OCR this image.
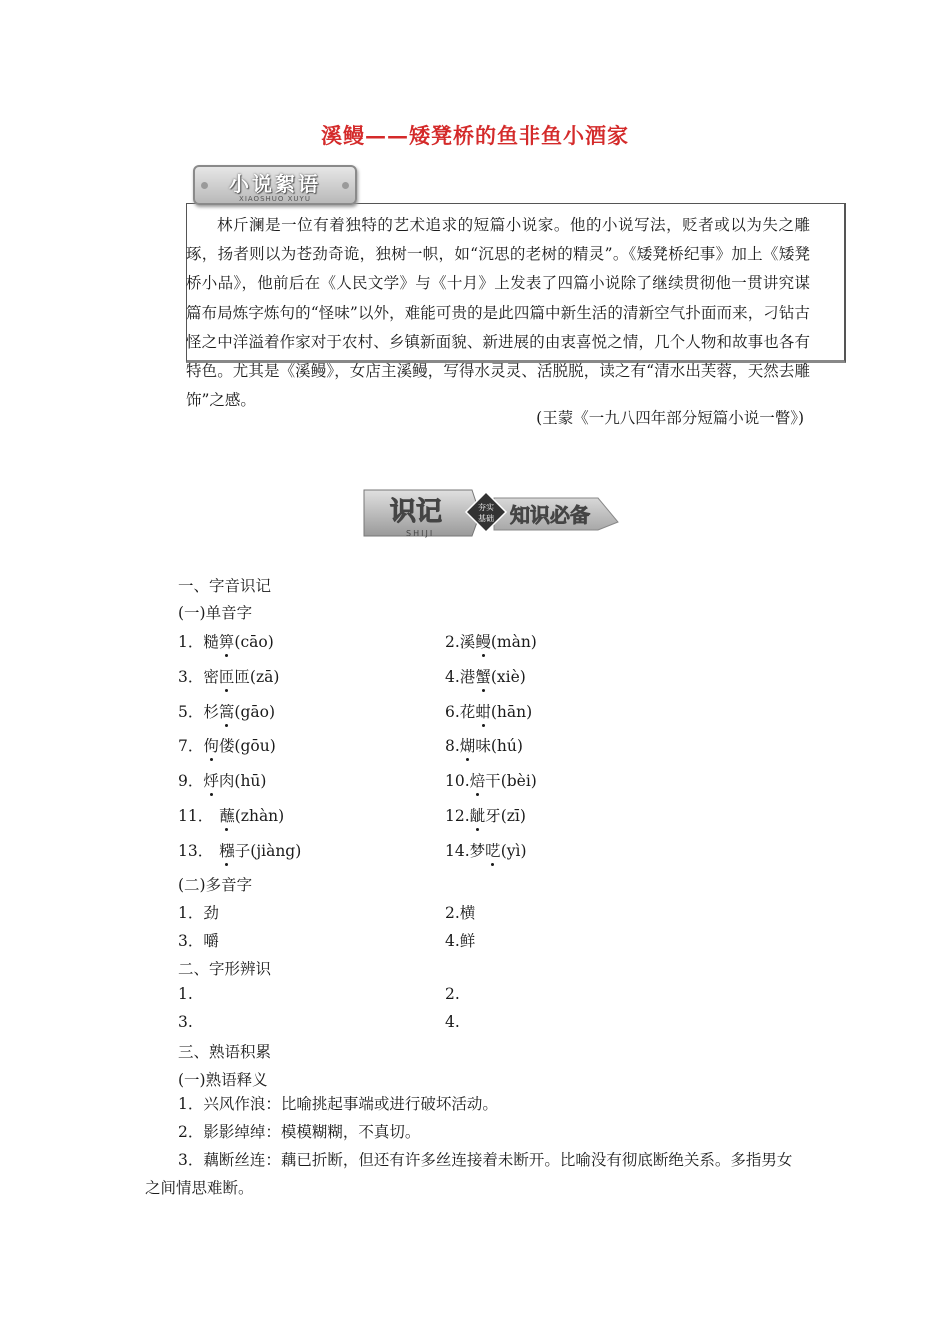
溪鳗——矮凳桥的鱼非鱼小酒家
小说絮语
XIAOSHUO XUYU
林斤澜是一位有着独特的艺术追求的短篇小说家。他的小说写法，贬者或以为失之雕琢，扬者则以为苍劲奇诡，独树一帜，如“沉思的老树的精灵”。《矮凳桥纪事》加上《矮凳桥小品》，他前后在《人民文学》与《十月》上发表了四篇小说除了继续贯彻他一贯讲究谋篇布局炼字炼句的“怪味”以外，难能可贵的是此四篇中新生活的清新空气扑面而来，刁钻古怪之中洋溢着作家对于农村、乡镇新面貌、新进展的由衷喜悦之情，几个人物和故事也各有特色。尤其是《溪鳗》，女店主溪鳗，写得水灵灵、活脱脱，读之有“清水出芙蓉，天然去雕饰”之感。
(王蒙《一九八四年部分短篇小说一瞥》)
识记
SHIJI
夯实
基础 知识必备
一、字音识记
(一)单音字
1．糙箅(cāo)	2.溪鳗(màn)
3．密匝匝(zā)	4.港蟹(xiè)
5．杉篙(gāo)	6.花蚶(hān)
7．佝偻(gōu)	8.煳味(hú)
9．烀肉(hū)	10.焙干(bèi)
11． 蘸(zhàn)	12.龇牙(zī)
13． 糨子(jiàng)	14.梦呓(yì)
(二)多音字
1．劲	2.横
3．嚼	4.鲜
二、字形辨识
1.	2.
3.	4.
三、熟语积累
(一)熟语释义
1．兴风作浪：比喻挑起事端或进行破坏活动。
2．影影绰绰：模模糊糊，不真切。
3．藕断丝连：藕已折断，但还有许多丝连接着未断开。比喻没有彻底断绝关系。多指男女之间情思难断。
